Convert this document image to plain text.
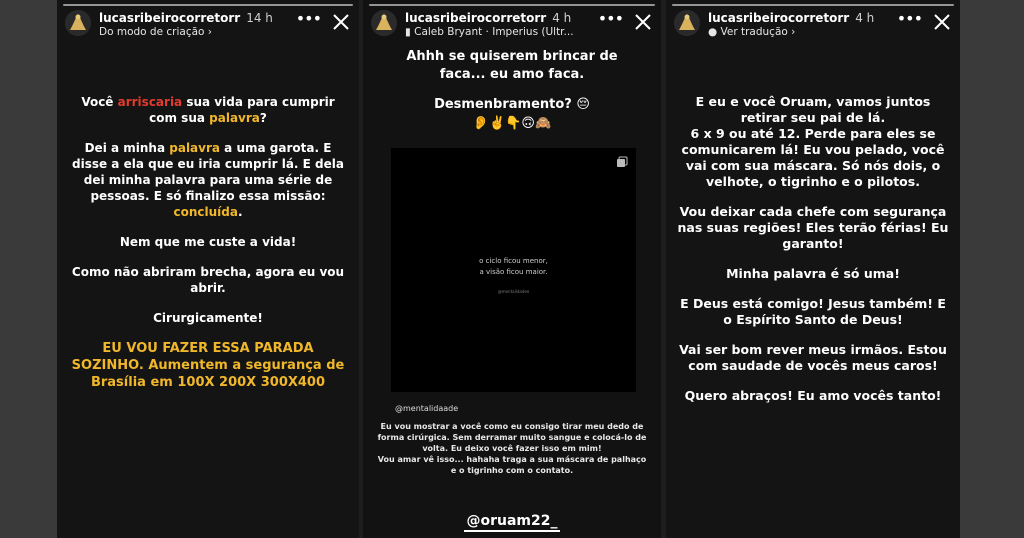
lucasribeirocorretorr 14 h
Do modo de criação ›
•••

Você arriscaria sua vida para cumprir com sua palavra?

Dei a minha palavra a uma garota. E disse a ela que eu iria cumprir lá. E dela dei minha palavra para uma série de pessoas. E só finalizo essa missão: concluída.

Nem que me custe a vida!

Como não abriram brecha, agora eu vou abrir.

Cirurgicamente!

EU VOU FAZER ESSA PARADA SOZINHO. Aumentem a segurança de Brasília em 100X 200X 300X400

lucasribeirocorretorr 4 h
▮ Caleb Bryant · Imperius (Ultr...
•••

Ahhh se quiserem brincar de faca... eu amo faca.

Desmenbramento? 😔

👂✌️👇🙃🙈

o ciclo ficou menor,
a visão ficou maior.
@mentalidadee
@mentalidaade

Eu vou mostrar a você como eu consigo tirar meu dedo de forma cirúrgica. Sem derramar muito sangue e colocá-lo de volta. Eu deixo você fazer isso em mim!

Vou amar vê isso... hahaha traga a sua máscara de palhaço e o tigrinho com o contato.

@oruam22_
lucasribeirocorretorr 4 h
● Ver tradução ›
•••

E eu e você Oruam, vamos juntos retirar seu pai de lá.

6 x 9 ou até 12. Perde para eles se comunicarem lá! Eu vou pelado, você vai com sua máscara. Só nós dois, o velhote, o tigrinho e o pilotos.

Vou deixar cada chefe com segurança nas suas regiões! Eles terão férias! Eu garanto!

Minha palavra é só uma!

E Deus está comigo! Jesus também! E o Espírito Santo de Deus!

Vai ser bom rever meus irmãos. Estou com saudade de vocês meus caros!

Quero abraços! Eu amo vocês tanto!
